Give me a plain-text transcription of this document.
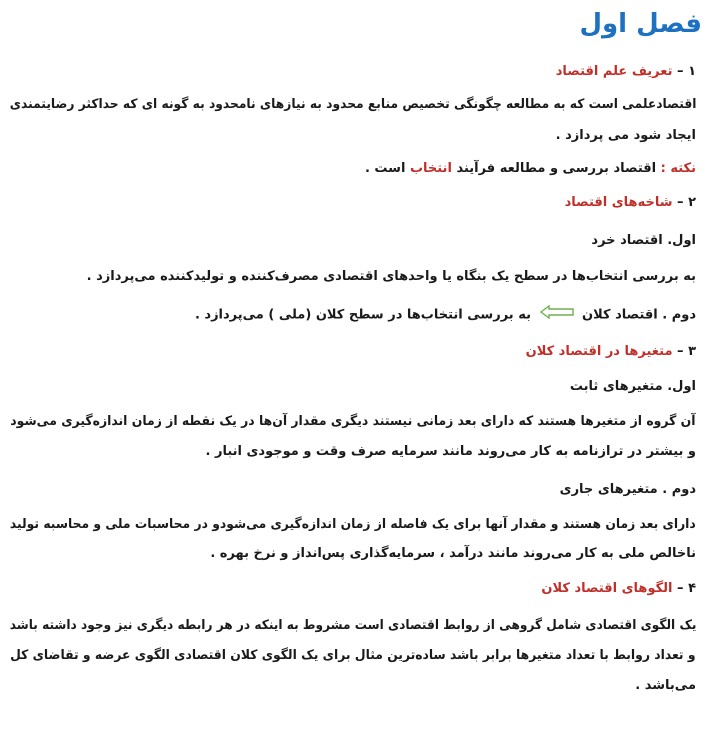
فصل اول
۱ – تعریف علم اقتصاد
اقتصادعلمی است که به مطالعه چگونگی تخصیص منابع محدود به نیازهای نامحدود به گونه ای که حداکثر رضایتمندی
ایجاد شود می پردازد .
نکته : اقتصاد بررسی و مطالعه فرآیند انتخاب است .
۲ – شاخه‌های اقتصاد
اول. اقتصاد خرد
به بررسی انتخاب‌ها در سطح یک بنگاه یا واحدهای اقتصادی مصرف‌کننده و تولیدکننده می‌پردازد .
دوم . اقتصاد کلان  به بررسی انتخاب‌ها در سطح کلان (ملی ) می‌پردازد .
۳ – متغیرها در اقتصاد کلان
اول. متغیرهای ثابت
آن گروه از متغیرها هستند که دارای بعد زمانی نیستند دیگری مقدار آن‌ها در یک نقطه از زمان اندازه‌گیری می‌شود
و بیشتر در ترازنامه به کار می‌روند مانند سرمایه صرف وقت و موجودی انبار .
دوم . متغیرهای جاری
دارای بعد زمان هستند و مقدار آنها برای یک فاصله از زمان اندازه‌گیری می‌شودو در محاسبات ملی و محاسبه تولید
ناخالص ملی به کار می‌روند مانند درآمد ، سرمایه‌گذاری پس‌انداز و نرخ بهره .
۴ – الگوهای اقتصاد کلان
یک الگوی اقتصادی شامل گروهی از روابط اقتصادی است مشروط به اینکه در هر رابطه دیگری نیز وجود داشته باشد
و تعداد روابط با تعداد متغیرها برابر باشد ساده‌ترین مثال برای یک الگوی کلان اقتصادی الگوی عرضه و تقاضای کل
می‌باشد .
